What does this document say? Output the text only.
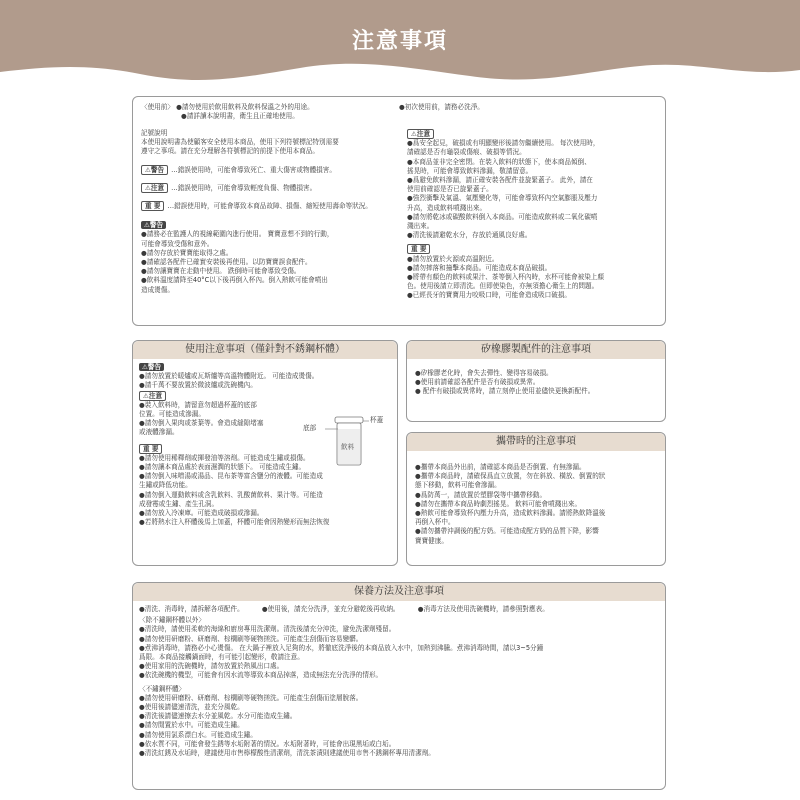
注意事項
〈使用前〉 ●請勿使用於飲用飲料及飲料保溫之外的用途。
●請詳讀本說明書，衛生且正確地使用。
●初次使用前，請務必洗淨。
記號說明
本使用說明書為使顧客安全使用本商品，使用下列符號標記特別需要
遵守之事項。請在充分理解各符號標記的前提下使用本商品。
⚠警告 …錯誤使用時，可能會導致死亡、重大傷害或物體損害。
⚠注意 …錯誤使用時，可能會導致輕度負傷、物體損害。
重 要 …錯誤使用時，可能會導致本商品故障、損傷、縮短使用壽命等狀況。
⚠警告
●請務必在監護人的視線範圍內進行使用。 寶寶意想不到的行動，
可能會導致受傷和意外。
●請勿存放於寶寶能取得之處。
●請確認各配件已確實安裝後再使用。以防寶寶誤食配件。
●請勿讓寶寶在走動中使用。 跌倒時可能會導致受傷。
●飲料溫度請降至40°C以下後再倒入杯內。倒入熱飲可能會噴出
造成燙傷。
⚠注意
●爲安全起見，破損或有明顯變形後請勿繼續使用。 每次使用時，
請確認是否有龜裂或傷痕、破損等情況。
●本商品並非完全密閉。在裝入飲料的狀態下，使本商品傾倒、
搖晃時，可能會導致飲料滲漏，敬請留意。
●爲避免飲料滲漏，請正確安裝各配件並旋緊蓋子。 此外，請在
使用前確認是否已旋緊蓋子。
●強烈衝擊及氣溫、氣壓變化等，可能會導致杯內空氣膨脹及壓力
升高，造成飲料噴濺出來。
●請勿將乾冰或碳酸飲料倒入本商品。可能造成飲料或二氧化碳噴
濺出來。
●清洗後請避乾水分，存放於通風良好處。
重 要
●請勿放置於火源或高溫附近。
●請勿摔落和撞擊本商品。可能造成本商品破損。
●將帶有顏色的飲料或果汁、茶等倒入杯內時，水杯可能會被染上顏
色。使用後請立即清洗。但即使染色，亦無須擔心衛生上的問題。
●已經長牙的寶寶用力咬吸口時，可能會造成吸口破損。
使用注意事項（僅針對不銹鋼杯體）
⚠警告
●請勿放置於暖爐或瓦斯爐等高溫物體附近。 可能造成燙傷。
●請千萬不要放置於微波爐或洗碗機內。
⚠注意
●裝入飲料時，請留意勿超過杯蓋的底部
位置。可能造成滲漏。
●請勿倒入果肉或茶葉等。會造成縫隙堵塞
或液體滲漏。
重 要
●請勿使用稀釋劑或揮發油等溶劑。可能造成生鏽或損傷。
●請勿讓本商品處於表面濕潤的狀態下。 可能造成生鏽。
●請勿倒入味噌湯或湯品、昆布茶等富含鹽分的液體。可能造成
生鏽或降低功能。
●請勿倒入運動飲料或含乳飲料、乳酸菌飲料、果汁等。可能造
成發霉或生鏽、產生孔洞。
●請勿放入冷凍庫。可能造成破損或滲漏。
●若將熱水注入杯體後馬上加蓋，杯體可能會因熱變形而無法恢復
底部
杯蓋
飲料
矽橡膠製配件的注意事項
●矽橡膠老化時，會失去彈性、變得容易破損。
●使用前請確認各配件是否有破損或異常。
● 配件有破損或異常時，請立刻停止使用並儘快更換新配件。
攜帶時的注意事項
●攜帶本商品外出前，請確認本商品是否倒置、有無滲漏。
●攜帶本商品時，請確保爲直立放置，勿在斜放、橫放、倒置的狀
態下移動，飲料可能會滲漏。
●爲防萬一，請放置於塑膠袋等中攜帶移動。
●請勿在攜帶本商品時劇烈搖晃。 飲料可能會噴濺出來。
●熱飲可能會導致杯內壓力升高，造成飲料滲漏。請將熱飲降溫後
再倒入杯中。
●請勿攜帶沖調後的配方奶。可能造成配方奶的品質下降，影響
寶寶健康。
保養方法及注意事項
●清洗、消毒時，請拆解各項配件。	●使用後，請充分洗淨，並充分避乾後再收納。	●消毒方法及使用洗碗機時，請參照對應表。
〈除不鏽鋼杯體以外〉
●清洗時，請使用柔軟的海綿和廚房專用洗潔劑。清洗後請充分沖洗，避免洗潔劑殘留。
●請勿使用研磨粉、研磨劑、棕櫚刷等硬物搓洗。可能產生刮傷而容易變髒。
●煮沸消毒時，請務必小心燙傷。 在大鍋子裡放入足夠的水，將徹底洗淨後的本商品放入水中，加熱到沸騰。煮沸消毒時間，請以3~5分鐘
爲限。本商品接觸鍋面時，有可能引起變形，敬請注意。
●使用家用的洗碗機時，請勿放置於熱風出口處。
●依洗碗機的機型，可能會有因水流等導致本商品掉落，造成無法充分洗淨的情形。
〈不鏽鋼杯體〉
●請勿使用研磨粉、研磨劑、棕櫚刷等硬物搓洗。可能產生刮傷而塗層脫落。
●使用後請儘速清洗，並充分風乾。
●清洗後請儘速擦去水分並風乾。水分可能造成生鏽。
●請勿閒置於水中。可能造成生鏽。
●請勿使用氯系漂白水。可能造成生鏽。
●依水質不同，可能會發生銹等水垢附著的情況。水垢附著時，可能會出現黑垢或白垢。
●清洗紅銹及水垢時，建議使用市售檸檬酸性清潔劑，清洗茶漬則建議使用市售不銹鋼杯專用清潔劑。
